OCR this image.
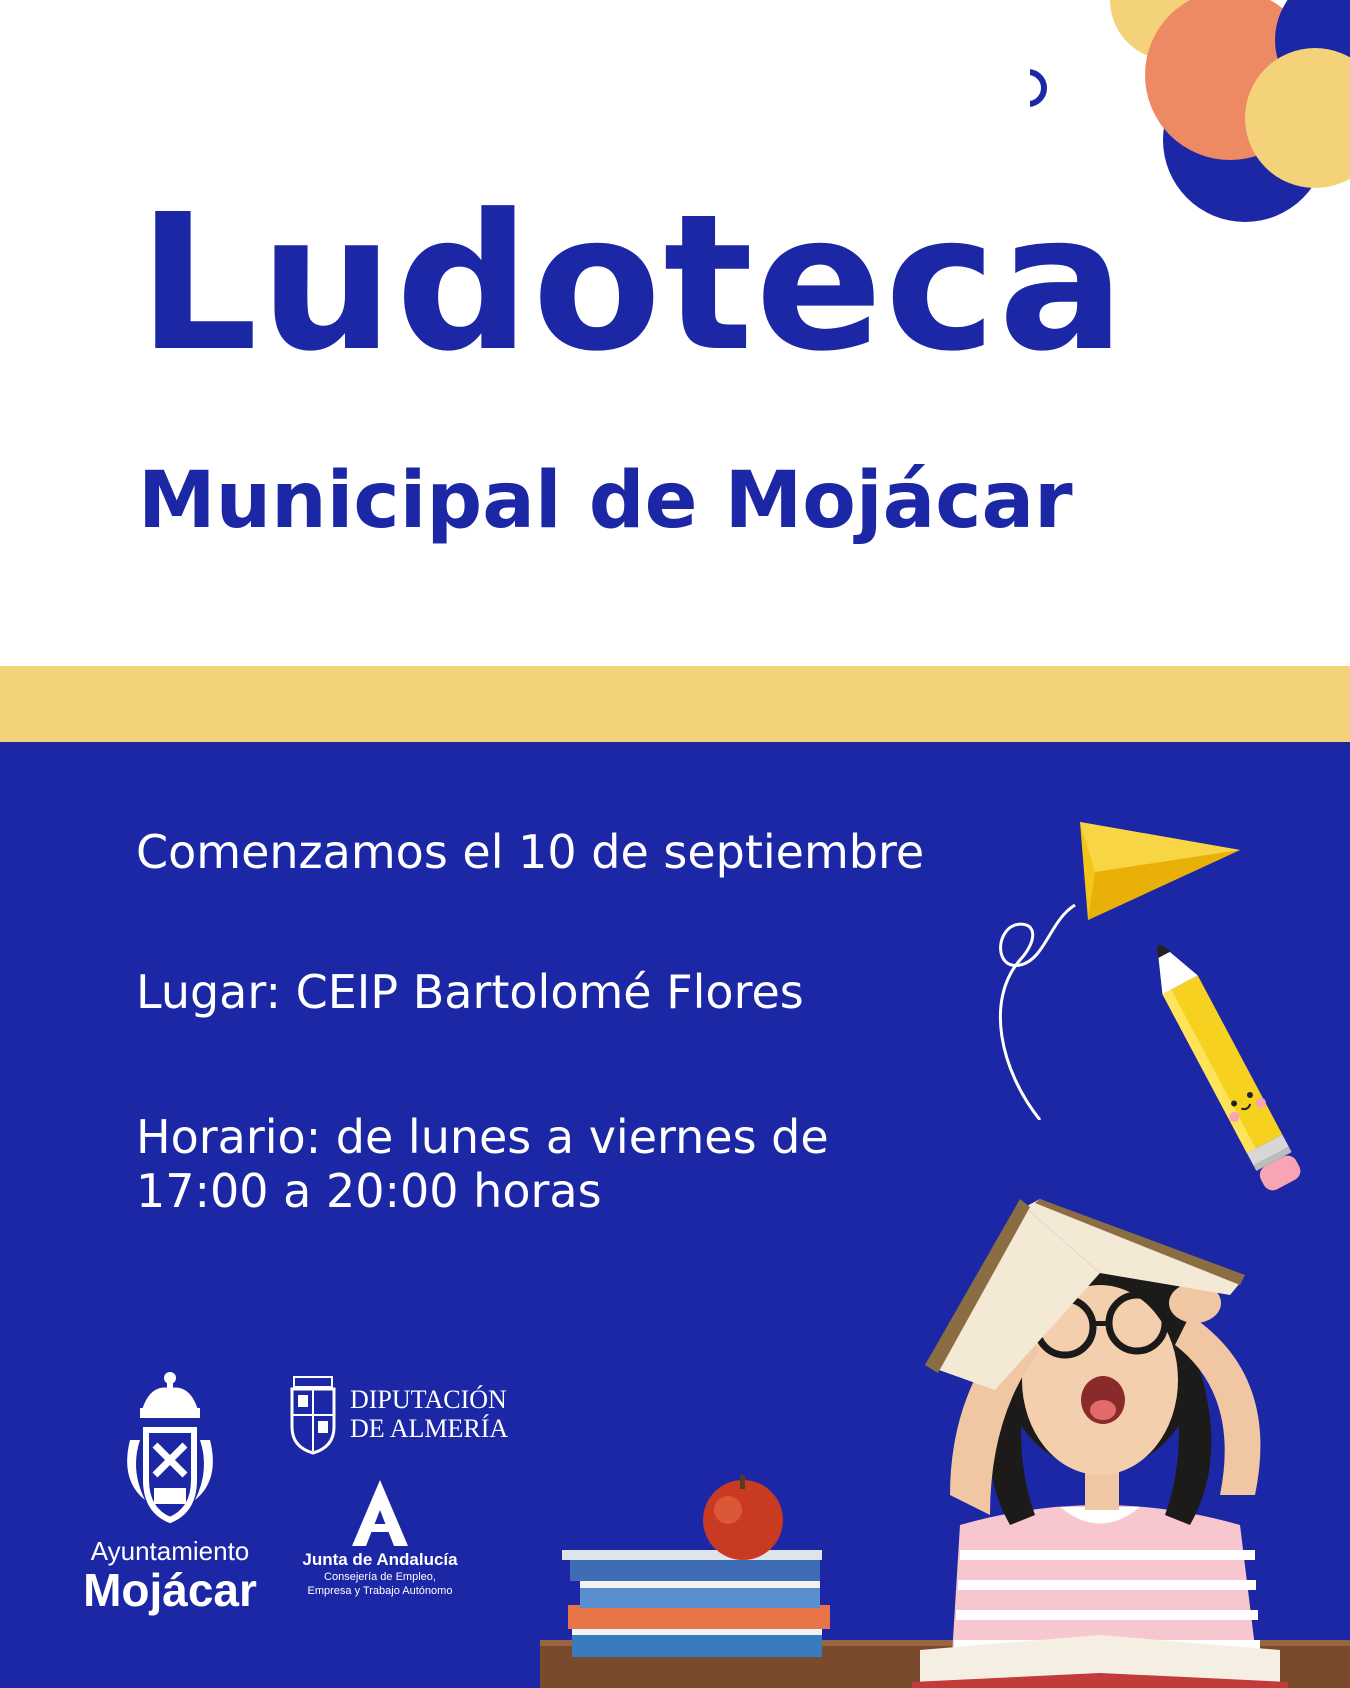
Ludoteca
Municipal de Mojácar

Comenzamos el 10 de septiembre

Lugar: CEIP Bartolomé Flores

Horario: de lunes a viernes de
17:00 a 20:00 horas

Ayuntamiento
Mojácar

DIPUTACIÓN
DE ALMERÍA

Junta de Andalucía
Consejería de Empleo,
Empresa y Trabajo Autónomo
